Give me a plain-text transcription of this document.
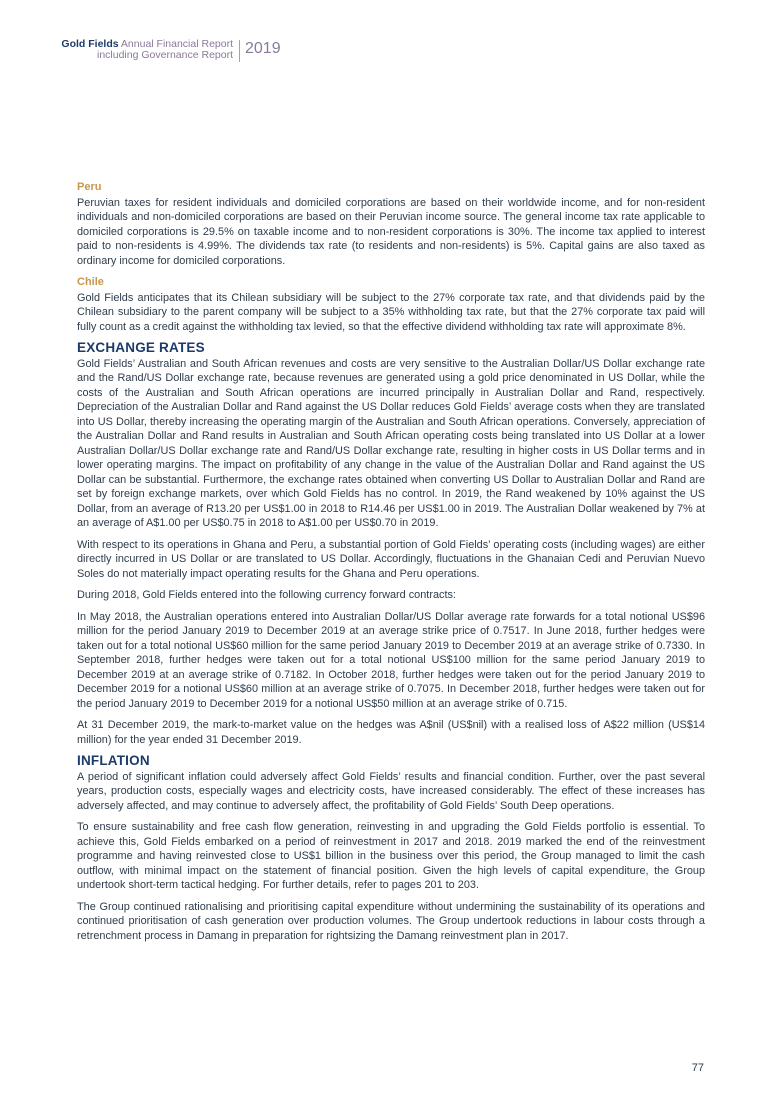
Gold Fields Annual Financial Report
including Governance Report 2019
Peru

Peruvian taxes for resident individuals and domiciled corporations are based on their worldwide income, and for non-resident individuals and non-domiciled corporations are based on their Peruvian income source. The general income tax rate applicable to domiciled corporations is 29.5% on taxable income and to non-resident corporations is 30%. The income tax applied to interest paid to non-residents is 4.99%. The dividends tax rate (to residents and non-residents) is 5%. Capital gains are also taxed as ordinary income for domiciled corporations.

Chile

Gold Fields anticipates that its Chilean subsidiary will be subject to the 27% corporate tax rate, and that dividends paid by the Chilean subsidiary to the parent company will be subject to a 35% withholding tax rate, but that the 27% corporate tax paid will fully count as a credit against the withholding tax levied, so that the effective dividend withholding tax rate will approximate 8%.

EXCHANGE RATES

Gold Fields’ Australian and South African revenues and costs are very sensitive to the Australian Dollar/US Dollar exchange rate and the Rand/US Dollar exchange rate, because revenues are generated using a gold price denominated in US Dollar, while the costs of the Australian and South African operations are incurred principally in Australian Dollar and Rand, respectively. Depreciation of the Australian Dollar and Rand against the US Dollar reduces Gold Fields’ average costs when they are translated into US Dollar, thereby increasing the operating margin of the Australian and South African operations. Conversely, appreciation of the Australian Dollar and Rand results in Australian and South African operating costs being translated into US Dollar at a lower Australian Dollar/US Dollar exchange rate and Rand/US Dollar exchange rate, resulting in higher costs in US Dollar terms and in lower operating margins. The impact on profitability of any change in the value of the Australian Dollar and Rand against the US Dollar can be substantial. Furthermore, the exchange rates obtained when converting US Dollar to Australian Dollar and Rand are set by foreign exchange markets, over which Gold Fields has no control. In 2019, the Rand weakened by 10% against the US Dollar, from an average of R13.20 per US$1.00 in 2018 to R14.46 per US$1.00 in 2019. The Australian Dollar weakened by 7% at an average of A$1.00 per US$0.75 in 2018 to A$1.00 per US$0.70 in 2019.

With respect to its operations in Ghana and Peru, a substantial portion of Gold Fields’ operating costs (including wages) are either directly incurred in US Dollar or are translated to US Dollar. Accordingly, fluctuations in the Ghanaian Cedi and Peruvian Nuevo Soles do not materially impact operating results for the Ghana and Peru operations.

During 2018, Gold Fields entered into the following currency forward contracts:

In May 2018, the Australian operations entered into Australian Dollar/US Dollar average rate forwards for a total notional US$96 million for the period January 2019 to December 2019 at an average strike price of 0.7517. In June 2018, further hedges were taken out for a total notional US$60 million for the same period January 2019 to December 2019 at an average strike of 0.7330. In September 2018, further hedges were taken out for a total notional US$100 million for the same period January 2019 to December 2019 at an average strike of 0.7182. In October 2018, further hedges were taken out for the period January 2019 to December 2019 for a notional US$60 million at an average strike of 0.7075. In December 2018, further hedges were taken out for the period January 2019 to December 2019 for a notional US$50 million at an average strike of 0.715.

At 31 December 2019, the mark-to-market value on the hedges was A$nil (US$nil) with a realised loss of A$22 million (US$14 million) for the year ended 31 December 2019.

INFLATION

A period of significant inflation could adversely affect Gold Fields’ results and financial condition. Further, over the past several years, production costs, especially wages and electricity costs, have increased considerably. The effect of these increases has adversely affected, and may continue to adversely affect, the profitability of Gold Fields’ South Deep operations.

To ensure sustainability and free cash flow generation, reinvesting in and upgrading the Gold Fields portfolio is essential. To achieve this, Gold Fields embarked on a period of reinvestment in 2017 and 2018. 2019 marked the end of the reinvestment programme and having reinvested close to US$1 billion in the business over this period, the Group managed to limit the cash outflow, with minimal impact on the statement of financial position. Given the high levels of capital expenditure, the Group undertook short-term tactical hedging. For further details, refer to pages 201 to 203.

The Group continued rationalising and prioritising capital expenditure without undermining the sustainability of its operations and continued prioritisation of cash generation over production volumes. The Group undertook reductions in labour costs through a retrenchment process in Damang in preparation for rightsizing the Damang reinvestment plan in 2017.

77
